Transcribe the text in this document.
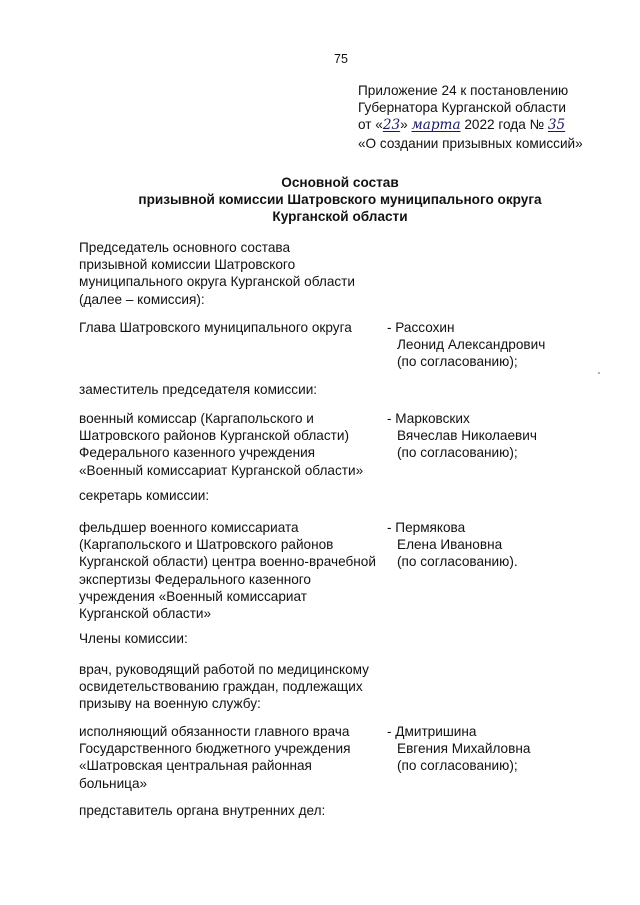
75
Приложение 24 к постановлению
Губернатора Курганской области
от «23» марта 2022 года № 35
«О создании призывных комиссий»
Основной состав
призывной комиссии Шатровского муниципального округа
Курганской области
Председатель основного состава
призывной комиссии Шатровского
муниципального округа Курганской области
(далее – комиссия):
Глава Шатровского муниципального округа	- Рассохин
Леонид Александрович
(по согласованию);
заместитель председателя комиссии:
военный комиссар (Каргапольского и
Шатровского районов Курганской области)
Федерального казенного учреждения
«Военный комиссариат Курганской области»
- Марковских
Вячеслав Николаевич
(по согласованию);
секретарь комиссии:
фельдшер военного комиссариата
(Каргапольского и Шатровского районов
Курганской области) центра военно-врачебной
экспертизы Федерального казенного
учреждения «Военный комиссариат
Курганской области»
- Пермякова
Елена Ивановна
(по согласованию).
Члены комиссии:
врач, руководящий работой по медицинскому
освидетельствованию граждан, подлежащих
призыву на военную службу:
исполняющий обязанности главного врача
Государственного бюджетного учреждения
«Шатровская центральная районная
больница»
- Дмитришина
Евгения Михайловна
(по согласованию);
представитель органа внутренних дел:
